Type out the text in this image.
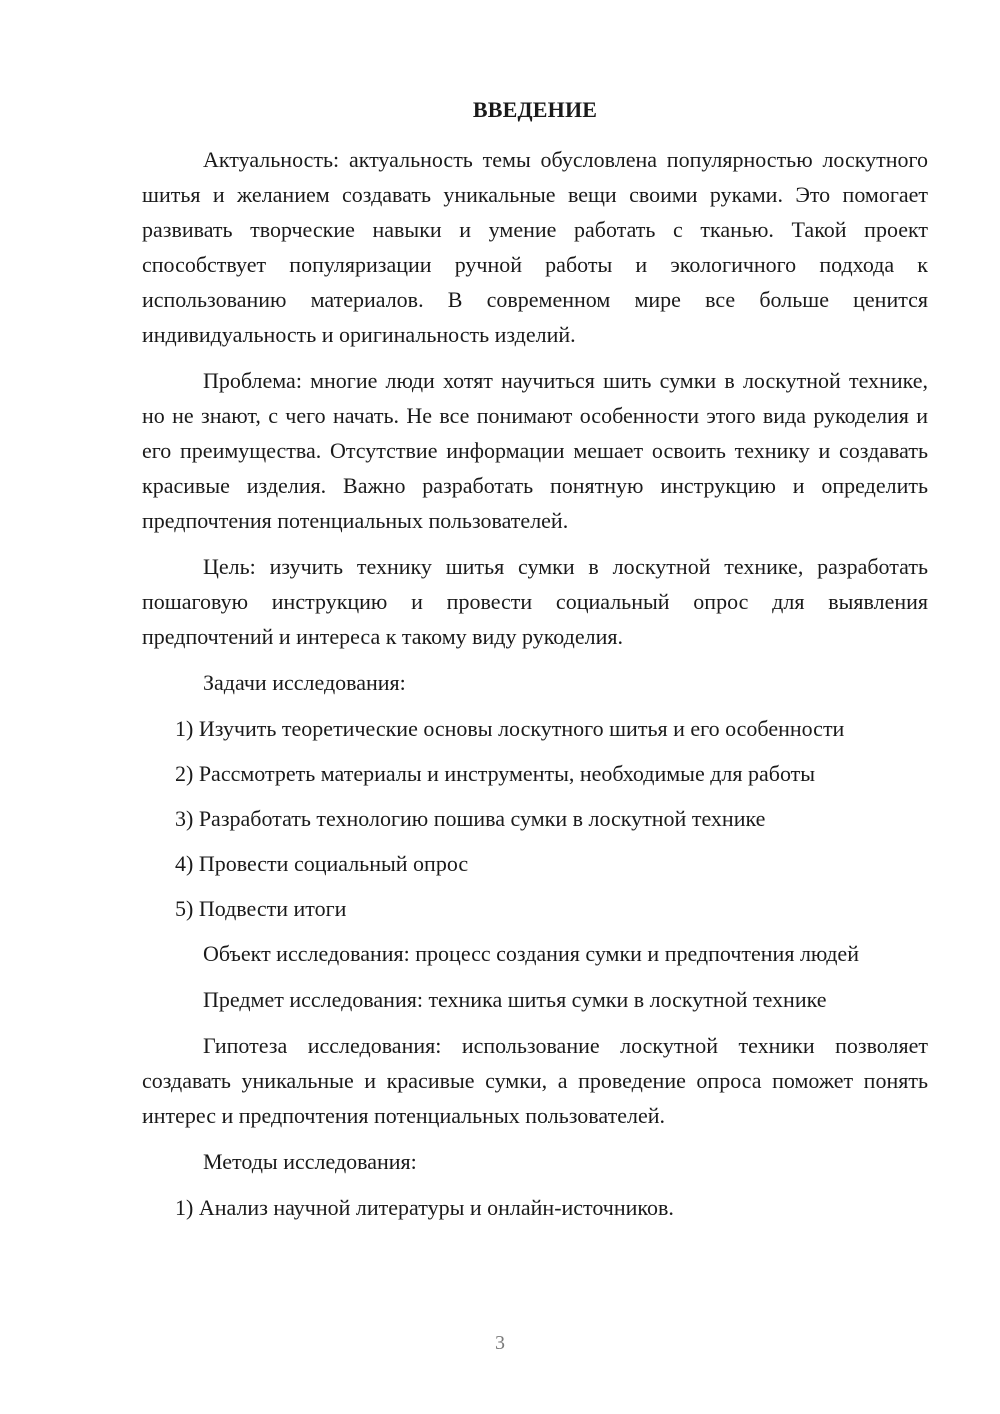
ВВЕДЕНИЕ

Актуальность: актуальность темы обусловлена популярностью лоскутного шитья и желанием создавать уникальные вещи своими руками. Это помогает развивать творческие навыки и умение работать с тканью. Такой проект способствует популяризации ручной работы и экологичного подхода к использованию материалов. В современном мире все больше ценится индивидуальность и оригинальность изделий.

Проблема: многие люди хотят научиться шить сумки в лоскутной технике, но не знают, с чего начать. Не все понимают особенности этого вида рукоделия и его преимущества. Отсутствие информации мешает освоить технику и создавать красивые изделия. Важно разработать понятную инструкцию и определить предпочтения потенциальных пользователей.

Цель: изучить технику шитья сумки в лоскутной технике, разработать пошаговую инструкцию и провести социальный опрос для выявления предпочтений и интереса к такому виду рукоделия.

Задачи исследования:

1) Изучить теоретические основы лоскутного шитья и его особенности
2) Рассмотреть материалы и инструменты, необходимые для работы
3) Разработать технологию пошива сумки в лоскутной технике
4) Провести социальный опрос
5) Подвести итоги

Объект исследования: процесс создания сумки и предпочтения людей

Предмет исследования: техника шитья сумки в лоскутной технике

Гипотеза исследования: использование лоскутной техники позволяет создавать уникальные и красивые сумки, а проведение опроса поможет понять интерес и предпочтения потенциальных пользователей.

Методы исследования:

1) Анализ научной литературы и онлайн-источников.
3
